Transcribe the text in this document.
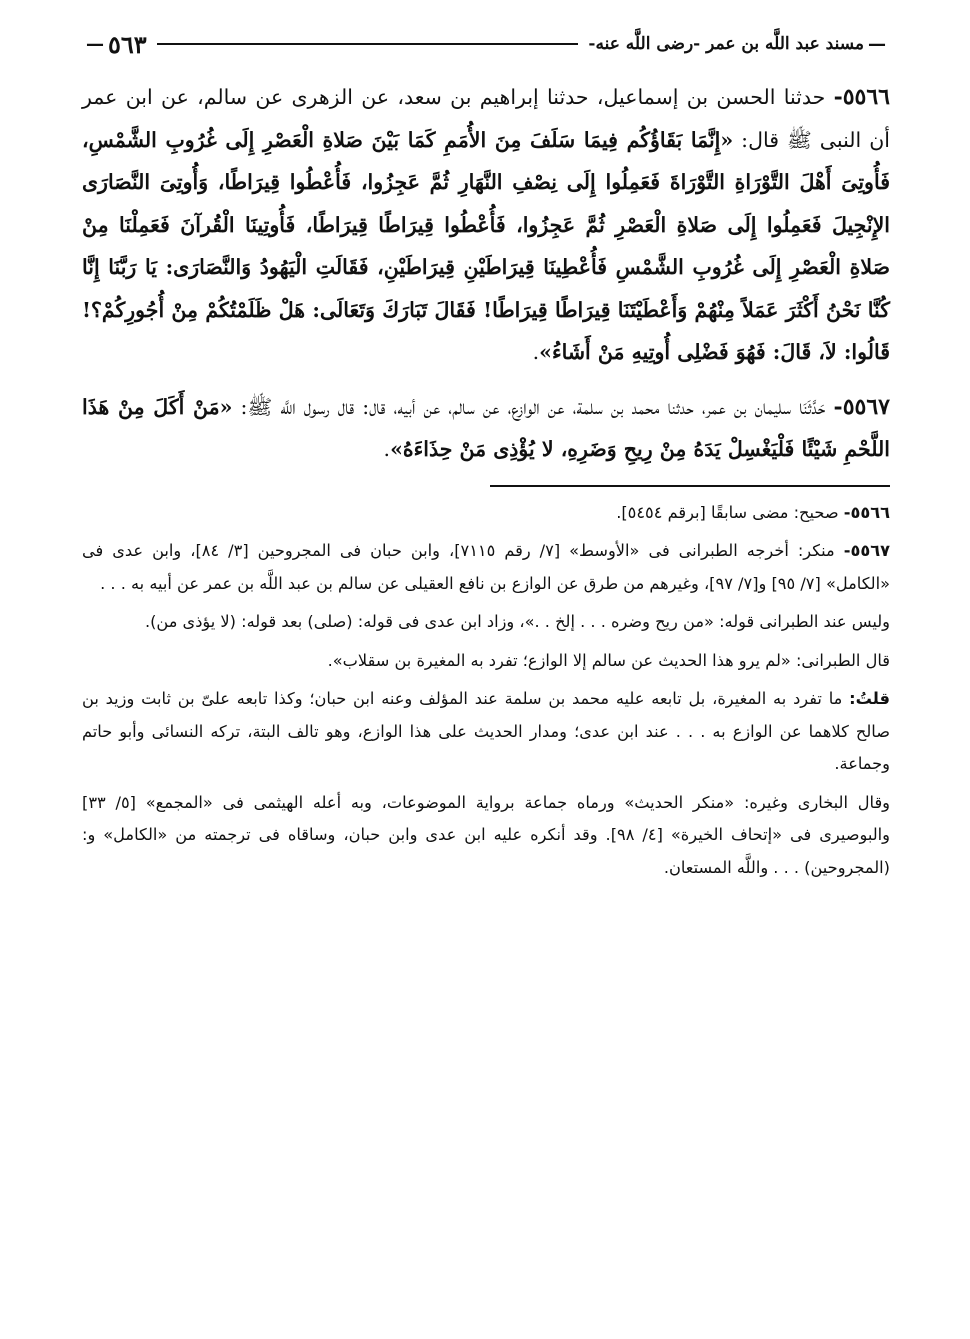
—
مسند عبد اللَّه بن عمر -رضى اللَّه عنه-
٥٦٣
—

٥٥٦٦- حدثنا الحسن بن إسماعيل، حدثنا إبراهيم بن سعد، عن الزهرى عن سالم، عن ابن عمر أن النبى ﷺ قال: «إِنَّمَا بَقَاؤُكُم فِيمَا سَلَفَ مِنَ الأُمَمِ كَمَا بَيْنَ صَلاةِ الْعَصْرِ إِلَى غُرُوبِ الشَّمْسِ، فَأُوتِىَ أَهْلَ التَّوْرَاةِ التَّوْرَاةَ فَعَمِلُوا إِلَى نِصْفِ النَّهَارِ ثُمَّ عَجِزُوا، فَأُعْطُوا قِيرَاطًا، وَأُوتِىَ النَّصَارَى الإِنْجِيلَ فَعَمِلُوا إِلَى صَلاةِ الْعَصْرِ ثُمَّ عَجِزُوا، فَأُعْطُوا قِيرَاطًا قِيرَاطًا، فَأُوتِينَا الْقُرآنَ فَعَمِلْنَا مِنْ صَلاةِ الْعَصْرِ إِلَى غُرُوبِ الشَّمْسِ فَأُعْطِينَا قِيرَاطَيْنِ قِيرَاطَيْنِ، فَقَالَتِ الْيَهُودُ وَالنَّصَارَى: يَا رَبَّنَا إِنَّا كُنَّا نَحْنُ أَكْثَرَ عَمَلاً مِنْهُمْ وَأَعْطَيْتَنَا قِيرَاطًا قِيرَاطًا! فَقَالَ تَبَارَكَ وَتَعَالَى: هَلْ ظَلَمْتُكُمْ مِنْ أُجُورِكُمْ؟! قَالُوا: لاَ، قَالَ: فَهُوَ فَضْلِى أُوتِيهِ مَنْ أَشَاءُ».

٥٥٦٧- حَدَّثَنَا سليمان بن عمر، حدثنا محمد بن سلمة، عن الوازع، عن سالم، عن أبيه، قال: قال رسول اللَّه ﷺ: «مَنْ أَكَلَ مِنْ هَذَا اللَّحْمِ شَيْئًا فَلْيَغْسِلْ يَدَهُ مِنْ رِيحِ وَضَرِهِ، لا يُؤْذِى مَنْ حِذَاءَهُ».

٥٥٦٦- صحيح: مضى سابقًا [برقم ٥٤٥٤].

٥٥٦٧- منكر: أخرجه الطبرانى فى «الأوسط» [٧/ رقم ٧١١٥]، وابن حبان فى المجروحين [٣/ ٨٤]، وابن عدى فى «الكامل» [٧/ ٩٥] و[٧/ ٩٧]، وغيرهم من طرق عن الوازع بن نافع العقيلى عن سالم بن عبد اللَّه بن عمر عن أبيه به . . .

وليس عند الطبرانى قوله: «من ريح وضره . . . إلخ . .»، وزاد ابن عدى فى قوله: (صلى) بعد قوله: (لا يؤذى من).

قال الطبرانى: «لم يرو هذا الحديث عن سالم إلا الوازع؛ تفرد به المغيرة بن سقلاب».

قلتُ: ما تفرد به المغيرة، بل تابعه عليه محمد بن سلمة عند المؤلف وعنه ابن حبان؛ وكذا تابعه علىّ بن ثابت وزيد بن صالح كلاهما عن الوازع به . . . عند ابن عدى؛ ومدار الحديث على هذا الوازع، وهو تالف البتة، تركه النسائى وأبو حاتم وجماعة.

وقال البخارى وغيره: «منكر الحديث» ورماه جماعة برواية الموضوعات، وبه أعله الهيثمى فى «المجمع» [٥/ ٣٣] والبوصيرى فى «إتحاف الخيرة» [٤/ ٩٨]. وقد أنكره عليه ابن عدى وابن حبان، وساقاه فى ترجمته من «الكامل» و: (المجروحين) . . . واللَّه المستعان.
